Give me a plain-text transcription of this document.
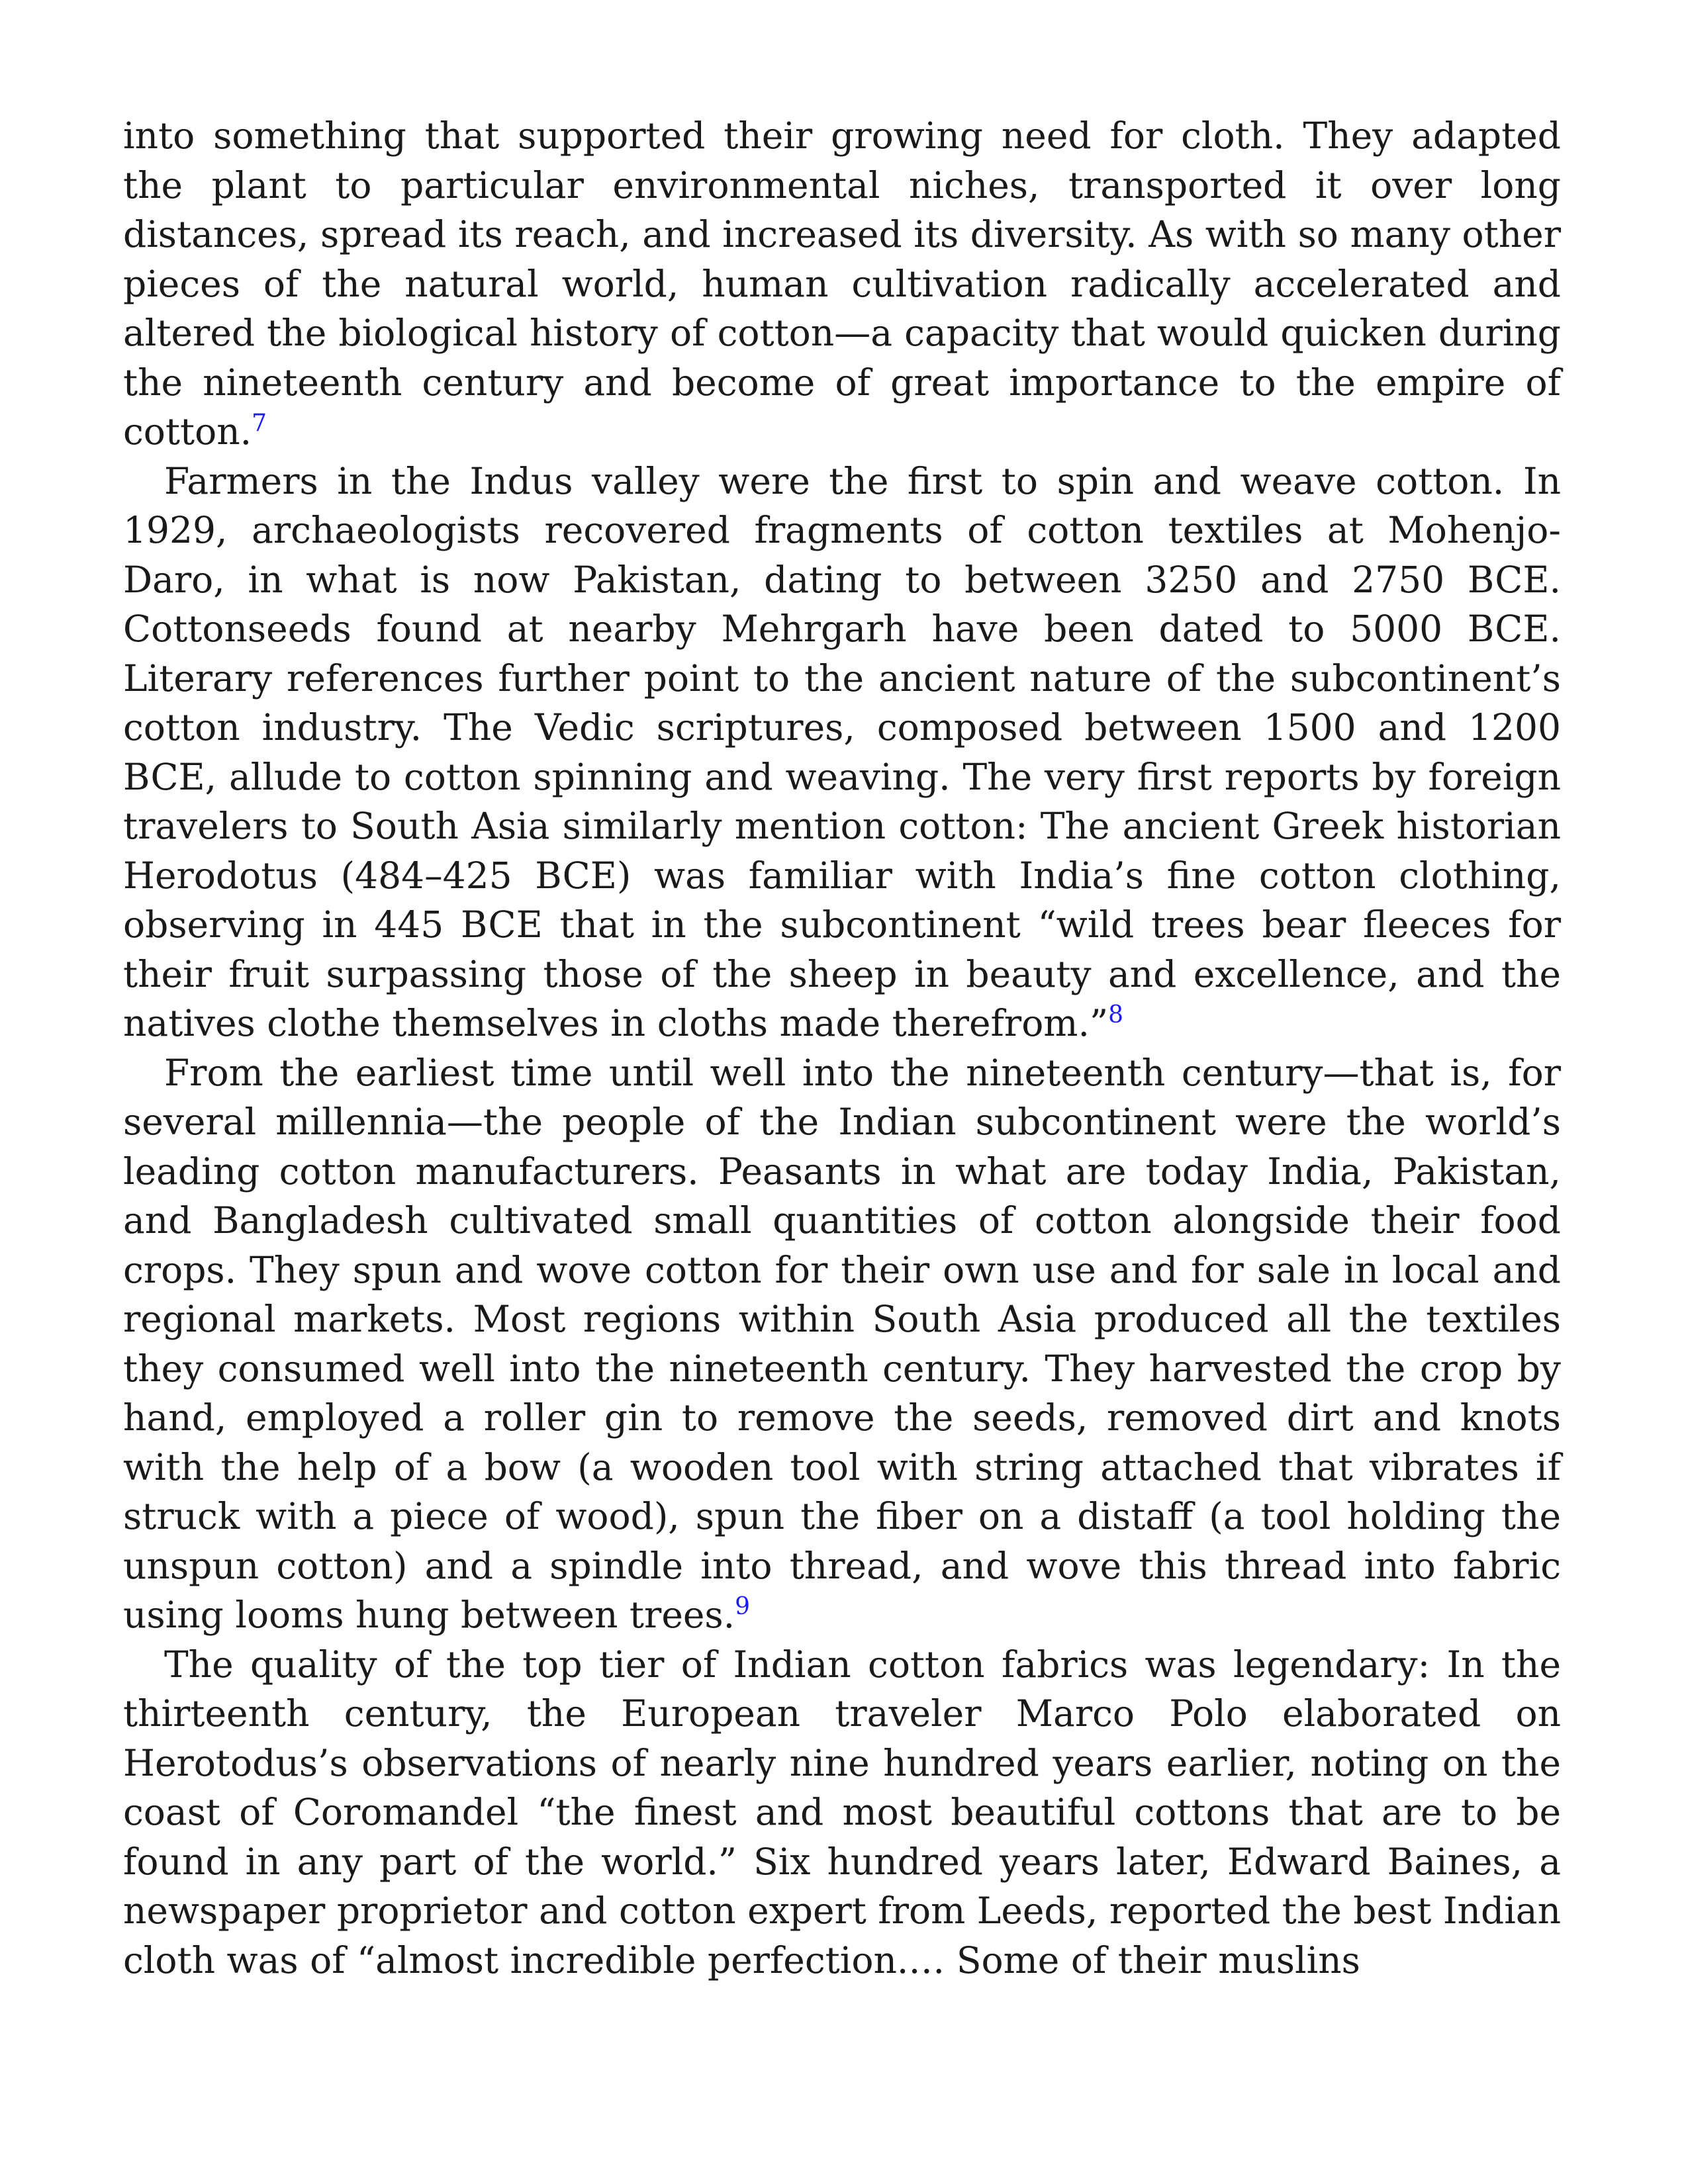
into something that supported their growing need for cloth. They adapted the plant to particular environmental niches, transported it over long distances, spread its reach, and increased its diversity. As with so many other pieces of the natural world, human cultivation radically accelerated and altered the biological history of cotton—a capacity that would quicken during the nineteenth century and become of great importance to the empire of cotton.$^7$

Farmers in the Indus valley were the first to spin and weave cotton. In 1929, archaeologists recovered fragments of cotton textiles at Mohenjo-Daro, in what is now Pakistan, dating to between 3250 and 2750 BCE. Cottonseeds found at nearby Mehrgarh have been dated to 5000 BCE. Literary references further point to the ancient nature of the subcontinent’s cotton industry. The Vedic scriptures, composed between 1500 and 1200 BCE, allude to cotton spinning and weaving. The very first reports by foreign travelers to South Asia similarly mention cotton: The ancient Greek historian Herodotus (484–425 BCE) was familiar with India’s fine cotton clothing, observing in 445 BCE that in the subcontinent “wild trees bear fleeces for their fruit surpassing those of the sheep in beauty and excellence, and the natives clothe themselves in cloths made therefrom.”$^8$

From the earliest time until well into the nineteenth century—that is, for several millennia—the people of the Indian subcontinent were the world’s leading cotton manufacturers. Peasants in what are today India, Pakistan, and Bangladesh cultivated small quantities of cotton alongside their food crops. They spun and wove cotton for their own use and for sale in local and regional markets. Most regions within South Asia produced all the textiles they consumed well into the nineteenth century. They harvested the crop by hand, employed a roller gin to remove the seeds, removed dirt and knots with the help of a bow (a wooden tool with string attached that vibrates if struck with a piece of wood), spun the fiber on a distaff (a tool holding the unspun cotton) and a spindle into thread, and wove this thread into fabric using looms hung between trees.$^9$

The quality of the top tier of Indian cotton fabrics was legendary: In the thirteenth century, the European traveler Marco Polo elaborated on Herotodus’s observations of nearly nine hundred years earlier, noting on the coast of Coromandel “the finest and most beautiful cottons that are to be found in any part of the world.” Six hundred years later, Edward Baines, a newspaper proprietor and cotton expert from Leeds, reported the best Indian cloth was of “almost incredible perfection.… Some of their muslins
